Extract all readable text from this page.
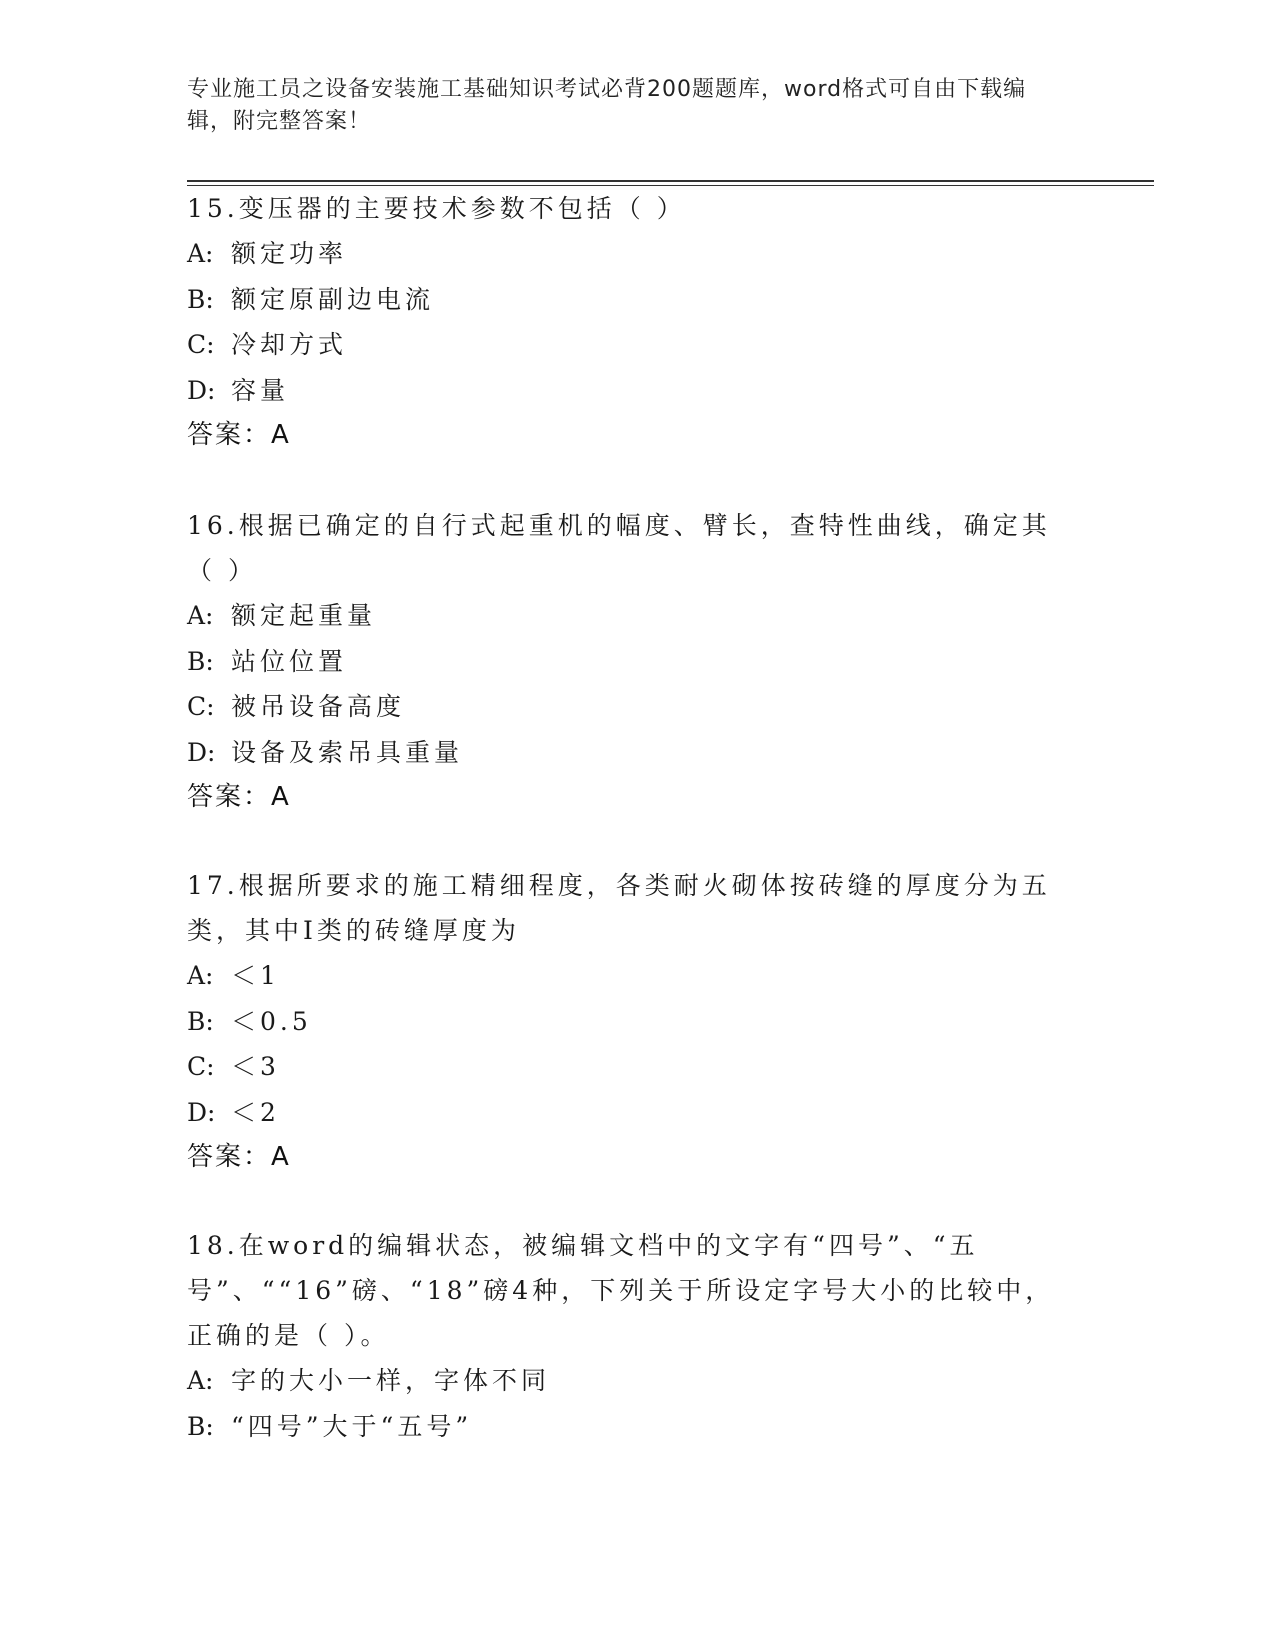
专业施工员之设备安装施工基础知识考试必背200题题库，word格式可自由下载编辑，附完整答案！
15.变压器的主要技术参数不包括（ ）
A: 额定功率
B: 额定原副边电流
C: 冷却方式
D: 容量
答案：A
16.根据已确定的自行式起重机的幅度、臂长，查特性曲线，确定其（ ）
A: 额定起重量
B: 站位位置
C: 被吊设备高度
D: 设备及索吊具重量
答案：A
17.根据所要求的施工精细程度，各类耐火砌体按砖缝的厚度分为五类，其中Ⅰ类的砖缝厚度为
A: ＜1
B: ＜0.5
C: ＜3
D: ＜2
答案：A
18.在word的编辑状态，被编辑文档中的文字有“四号”、“五号”、““16”磅、“18”磅4种，下列关于所设定字号大小的比较中，正确的是（ ）。
A: 字的大小一样，字体不同
B: “四号”大于“五号”
